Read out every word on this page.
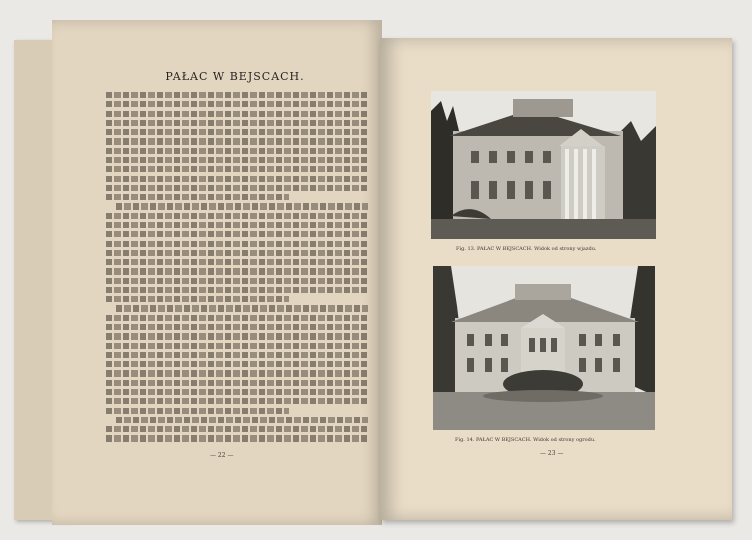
PAŁAC W BEJSCACH.
— 22 —
Fig. 13. PAŁAC W BEJSCACH. Widok od strony wjazdu.
Fig. 14. PAŁAC W BEJSCACH. Widok od strony ogrodu.
— 23 —
